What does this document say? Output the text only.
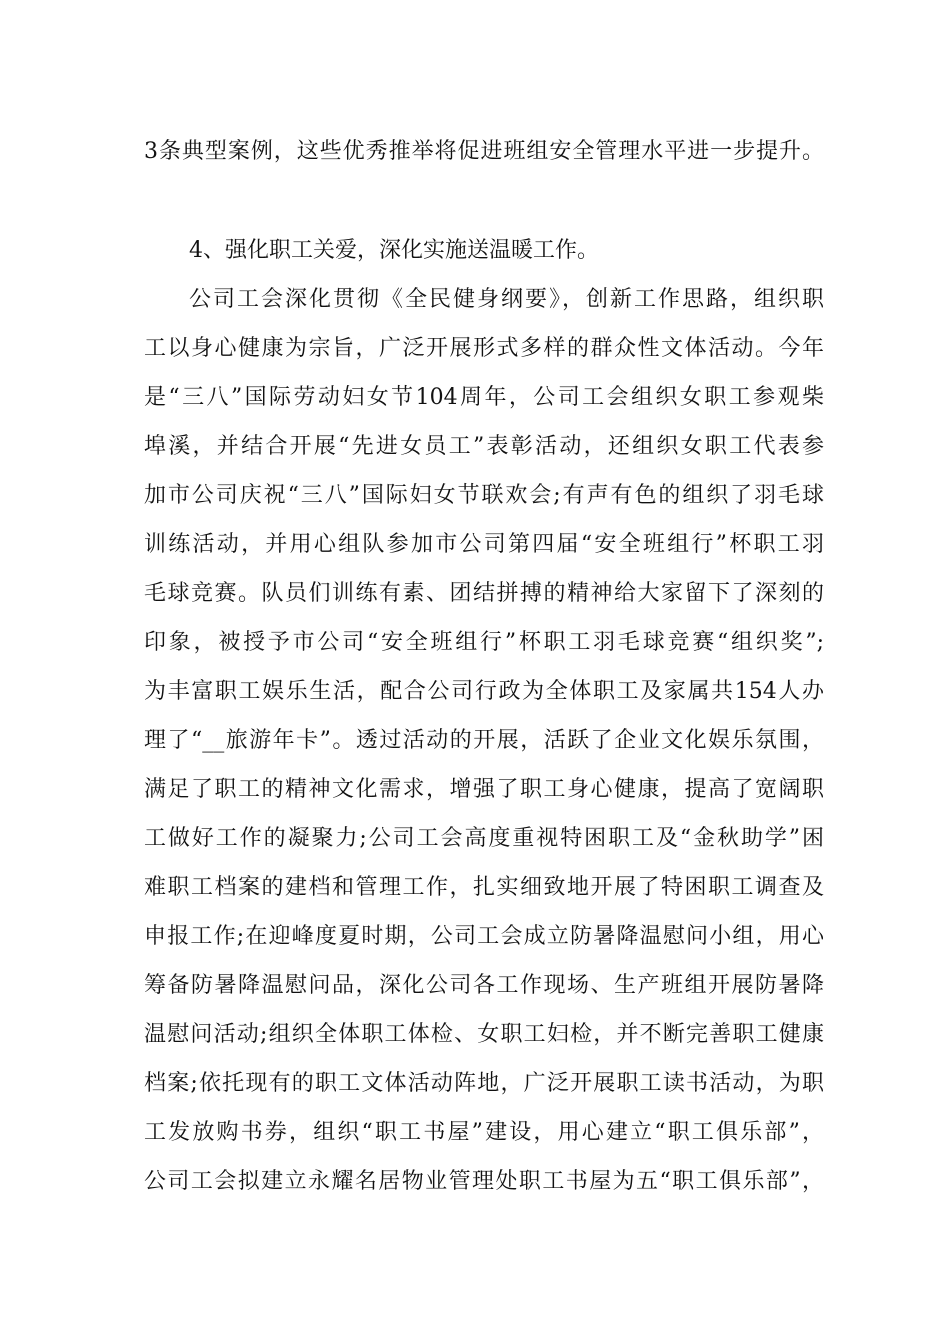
3条典型案例，这些优秀推举将促进班组安全管理水平进一步提升。
4、强化职工关爱，深化实施送温暖工作。
公司工会深化贯彻《全民健身纲要》，创新工作思路，组织职
工以身心健康为宗旨，广泛开展形式多样的群众性文体活动。今年
是“三八”国际劳动妇女节104周年，公司工会组织女职工参观柴
埠溪，并结合开展“先进女员工”表彰活动，还组织女职工代表参
加市公司庆祝“三八”国际妇女节联欢会;有声有色的组织了羽毛球
训练活动，并用心组队参加市公司第四届“安全班组行”杯职工羽
毛球竞赛。队员们训练有素、团结拼搏的精神给大家留下了深刻的
印象，被授予市公司“安全班组行”杯职工羽毛球竞赛“组织奖”;
为丰富职工娱乐生活，配合公司行政为全体职工及家属共154人办
理了“__旅游年卡”。透过活动的开展，活跃了企业文化娱乐氛围，
满足了职工的精神文化需求，增强了职工身心健康，提高了宽阔职
工做好工作的凝聚力;公司工会高度重视特困职工及“金秋助学”困
难职工档案的建档和管理工作，扎实细致地开展了特困职工调查及
申报工作;在迎峰度夏时期，公司工会成立防暑降温慰问小组，用心
筹备防暑降温慰问品，深化公司各工作现场、生产班组开展防暑降
温慰问活动;组织全体职工体检、女职工妇检，并不断完善职工健康
档案;依托现有的职工文体活动阵地，广泛开展职工读书活动，为职
工发放购书券，组织“职工书屋”建设，用心建立“职工俱乐部”，
公司工会拟建立永耀名居物业管理处职工书屋为五“职工俱乐部”，
